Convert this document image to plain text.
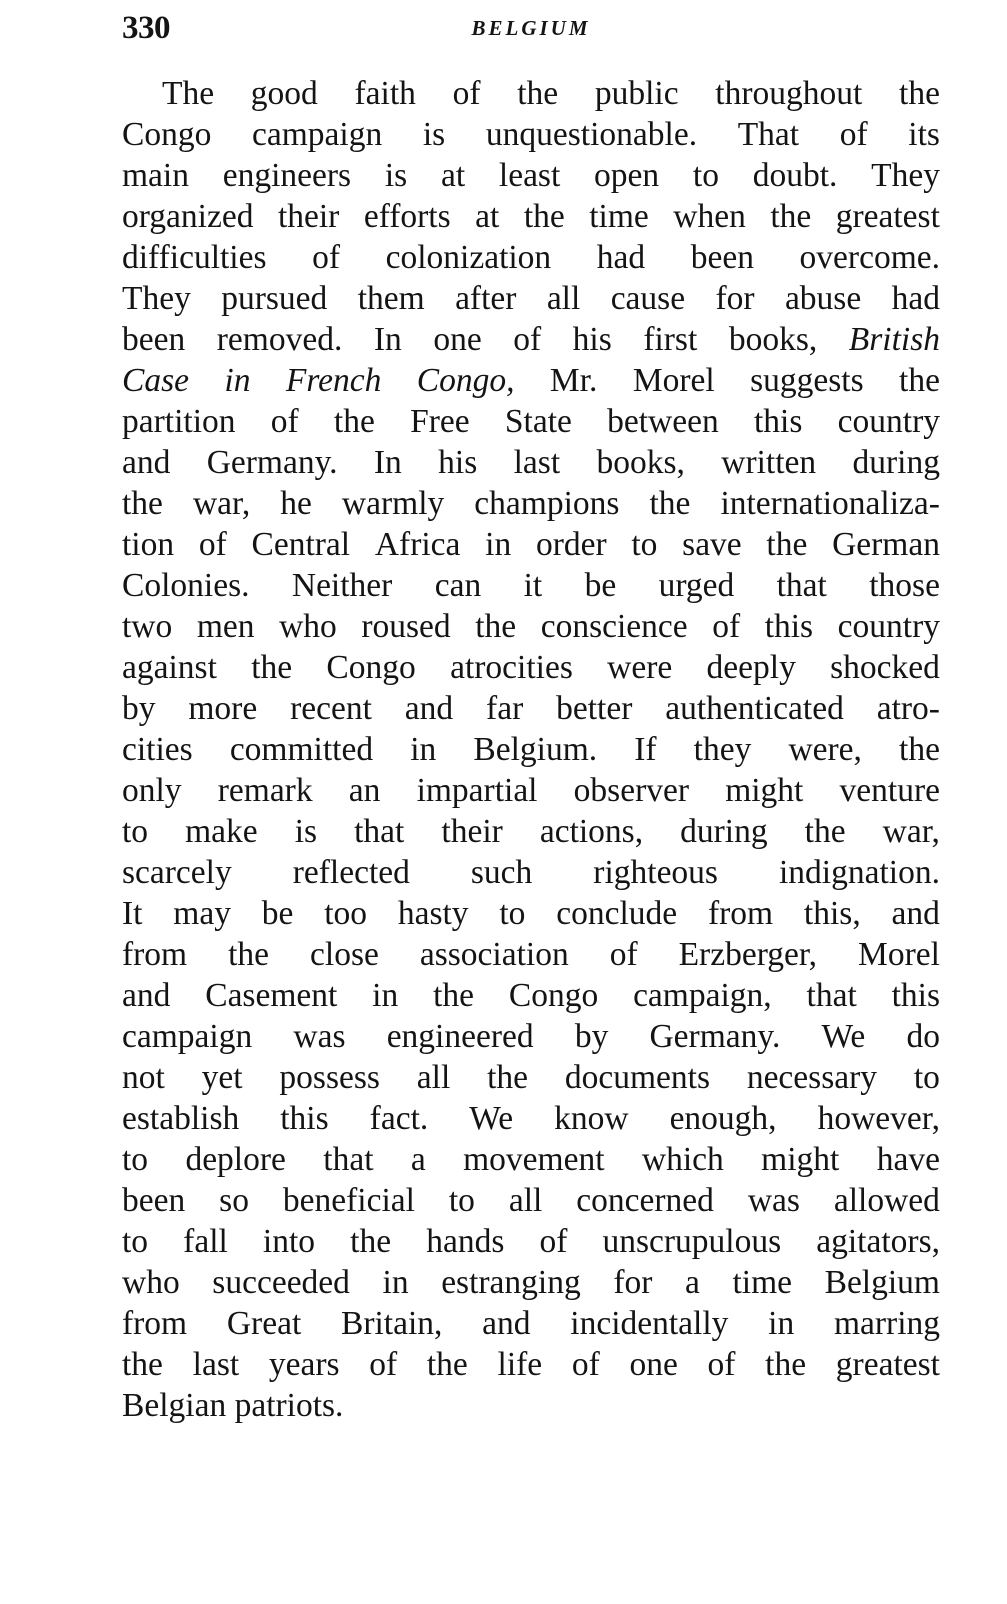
330	BELGIUM
The good faith of the public throughout the
Congo campaign is unquestionable. That of its
main engineers is at least open to doubt. They
organized their efforts at the time when the greatest
difficulties of colonization had been overcome.
They pursued them after all cause for abuse had
been removed. In one of his first books, British
Case in French Congo, Mr. Morel suggests the
partition of the Free State between this country
and Germany. In his last books, written during
the war, he warmly champions the internationaliza-
tion of Central Africa in order to save the German
Colonies. Neither can it be urged that those
two men who roused the conscience of this country
against the Congo atrocities were deeply shocked
by more recent and far better authenticated atro-
cities committed in Belgium. If they were, the
only remark an impartial observer might venture
to make is that their actions, during the war,
scarcely reflected such righteous indignation.
It may be too hasty to conclude from this, and
from the close association of Erzberger, Morel
and Casement in the Congo campaign, that this
campaign was engineered by Germany. We do
not yet possess all the documents necessary to
establish this fact. We know enough, however,
to deplore that a movement which might have
been so beneficial to all concerned was allowed
to fall into the hands of unscrupulous agitators,
who succeeded in estranging for a time Belgium
from Great Britain, and incidentally in marring
the last years of the life of one of the greatest
Belgian
patriots.
